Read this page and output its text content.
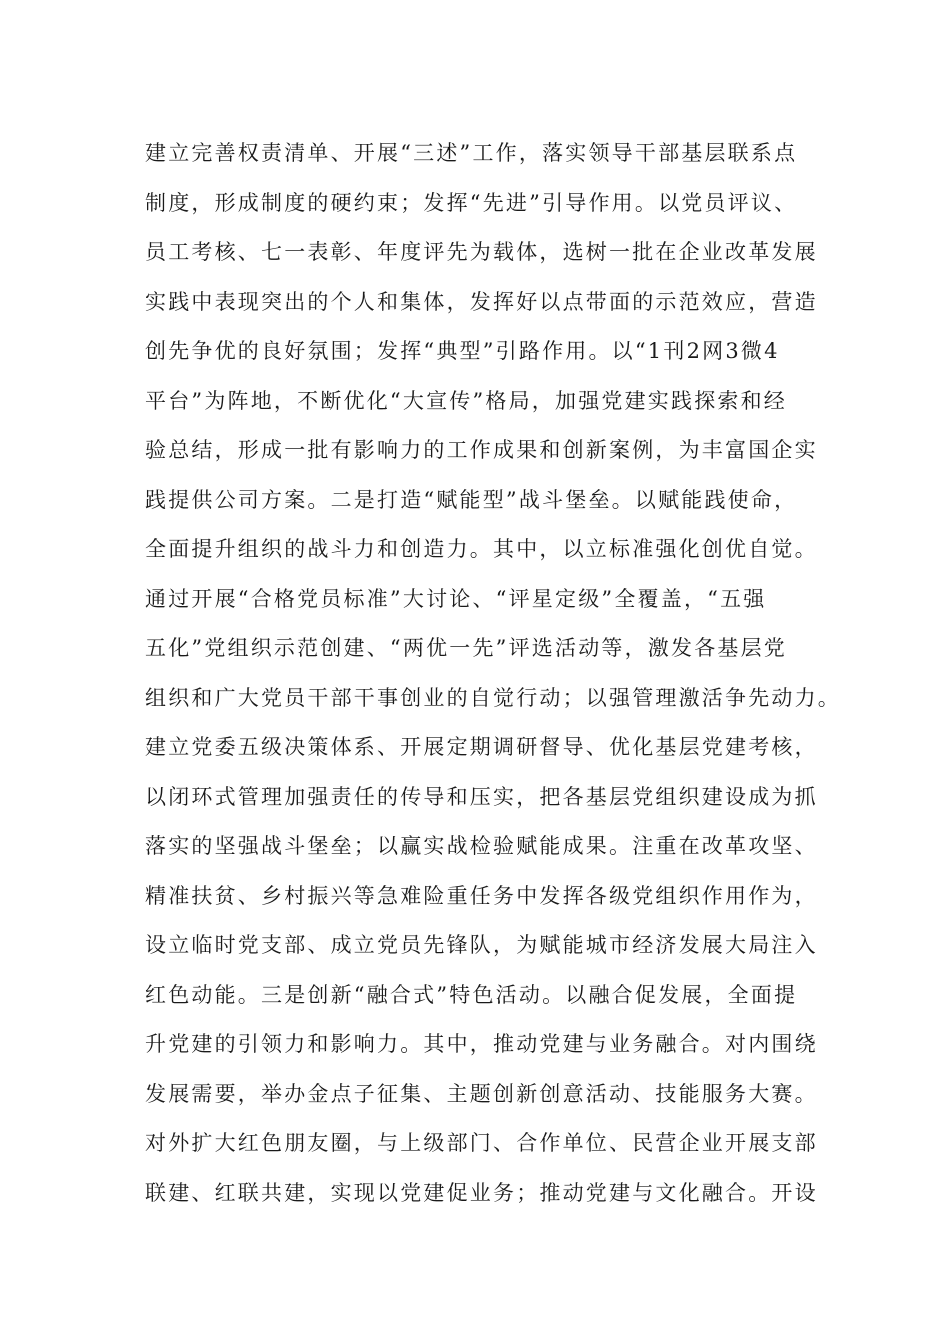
建立完善权责清单、开展“三述”工作，落实领导干部基层联系点
制度，形成制度的硬约束；发挥“先进”引导作用。以党员评议、
员工考核、七一表彰、年度评先为载体，选树一批在企业改革发展
实践中表现突出的个人和集体，发挥好以点带面的示范效应，营造
创先争优的良好氛围；发挥“典型”引路作用。以“1刊2网3微4
平台”为阵地，不断优化“大宣传”格局，加强党建实践探索和经
验总结，形成一批有影响力的工作成果和创新案例，为丰富国企实
践提供公司方案。二是打造“赋能型”战斗堡垒。以赋能践使命，
全面提升组织的战斗力和创造力。其中，以立标准强化创优自觉。
通过开展“合格党员标准”大讨论、“评星定级”全覆盖，“五强
五化”党组织示范创建、“两优一先”评选活动等，激发各基层党
组织和广大党员干部干事创业的自觉行动；以强管理激活争先动力。
建立党委五级决策体系、开展定期调研督导、优化基层党建考核，
以闭环式管理加强责任的传导和压实，把各基层党组织建设成为抓
落实的坚强战斗堡垒；以赢实战检验赋能成果。注重在改革攻坚、
精准扶贫、乡村振兴等急难险重任务中发挥各级党组织作用作为，
设立临时党支部、成立党员先锋队，为赋能城市经济发展大局注入
红色动能。三是创新“融合式”特色活动。以融合促发展，全面提
升党建的引领力和影响力。其中，推动党建与业务融合。对内围绕
发展需要，举办金点子征集、主题创新创意活动、技能服务大赛。
对外扩大红色朋友圈，与上级部门、合作单位、民营企业开展支部
联建、红联共建，实现以党建促业务；推动党建与文化融合。开设
